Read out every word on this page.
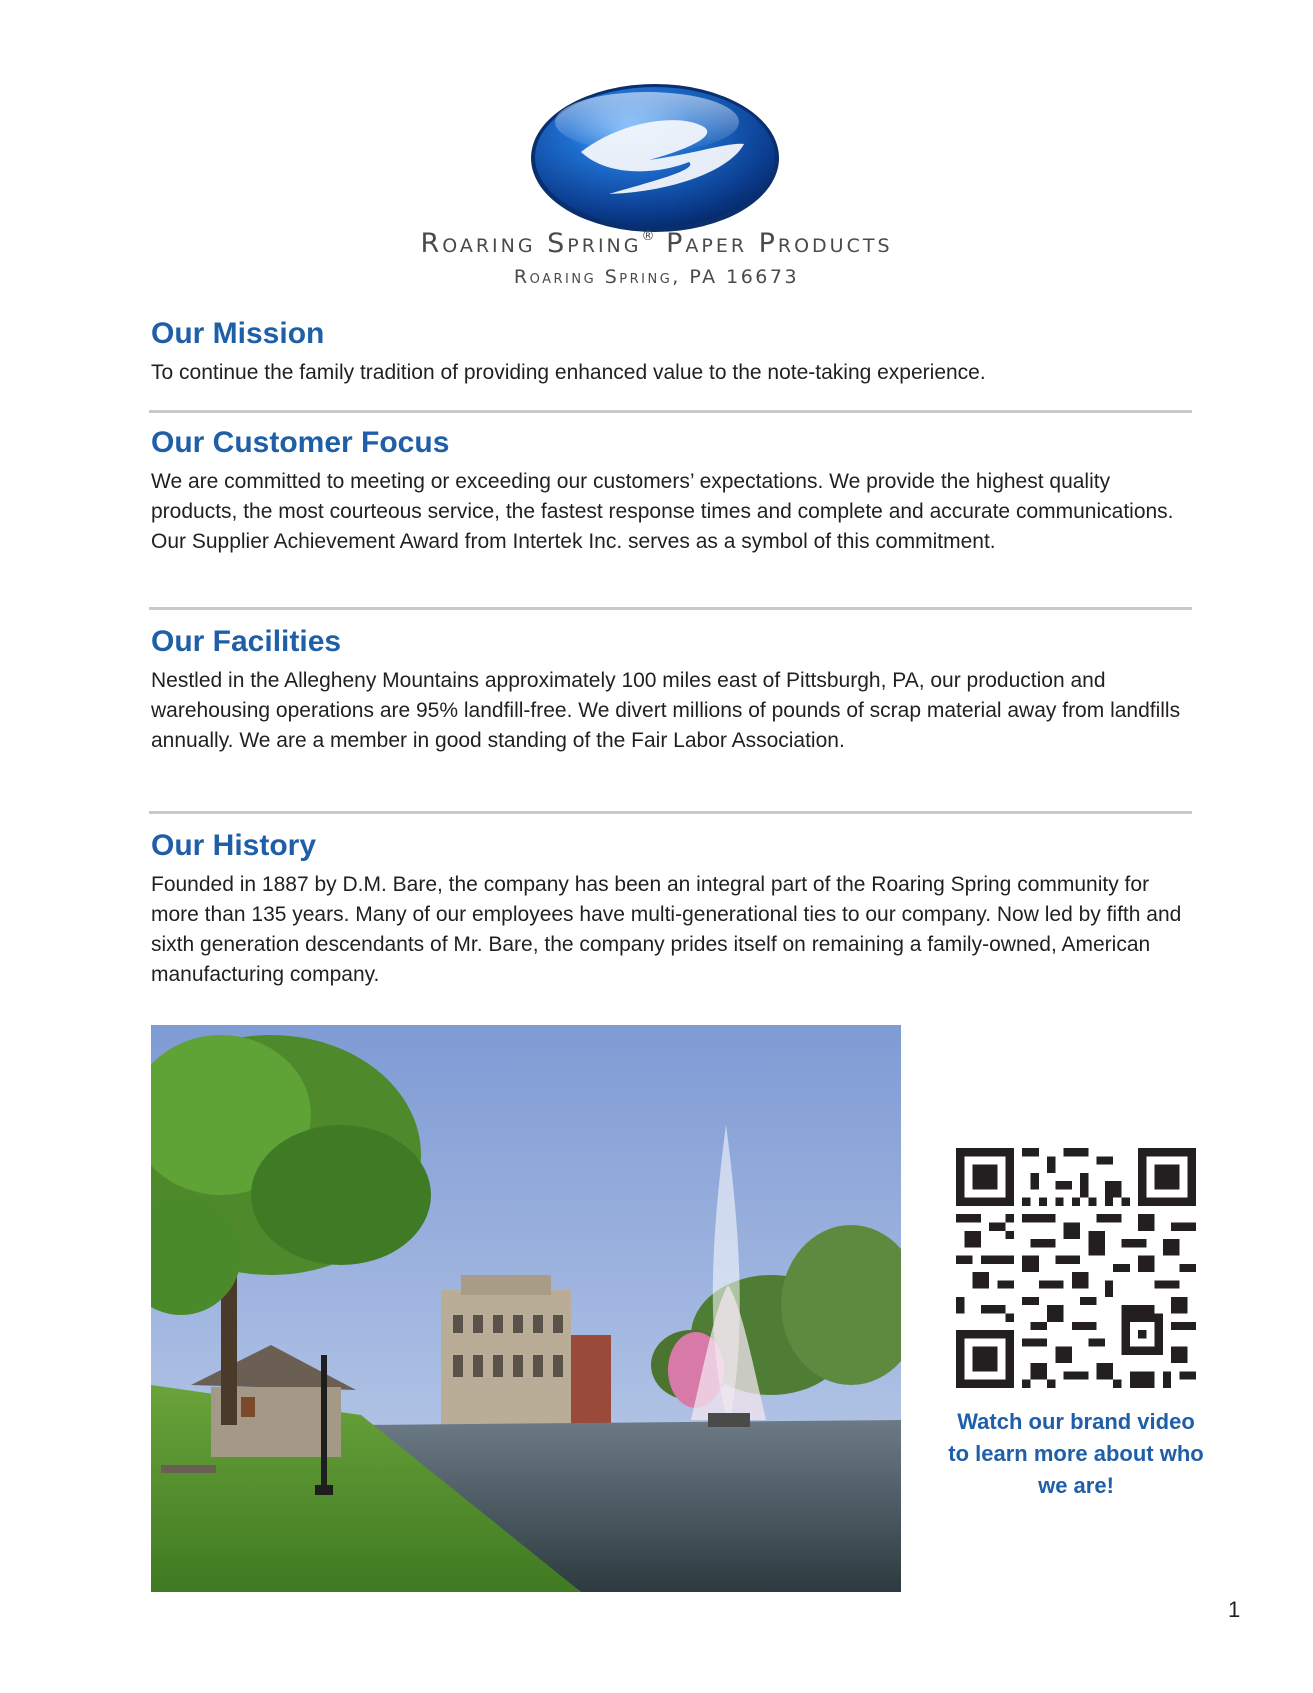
Roaring Spring® Paper Products
Roaring Spring, PA 16673
Our Mission

To continue the family tradition of providing enhanced value to the note-taking experience.

Our Customer Focus

We are committed to meeting or exceeding our customers’ expectations. We provide the highest quality products, the most courteous service, the fastest response times and complete and accurate communications. Our Supplier Achievement Award from Intertek Inc. serves as a symbol of this commitment.

Our Facilities

Nestled in the Allegheny Mountains approximately 100 miles east of Pittsburgh, PA, our production and warehousing operations are 95% landfill-free. We divert millions of pounds of scrap material away from landfills annually. We are a member in good standing of the Fair Labor Association.

Our History

Founded in 1887 by D.M. Bare, the company has been an integral part of the Roaring Spring community for more than 135 years. Many of our employees have multi-generational ties to our company. Now led by fifth and sixth generation descendants of Mr. Bare, the company prides itself on remaining a family-owned, American manufacturing company.

Watch our brand video to learn more about who we are!
1
